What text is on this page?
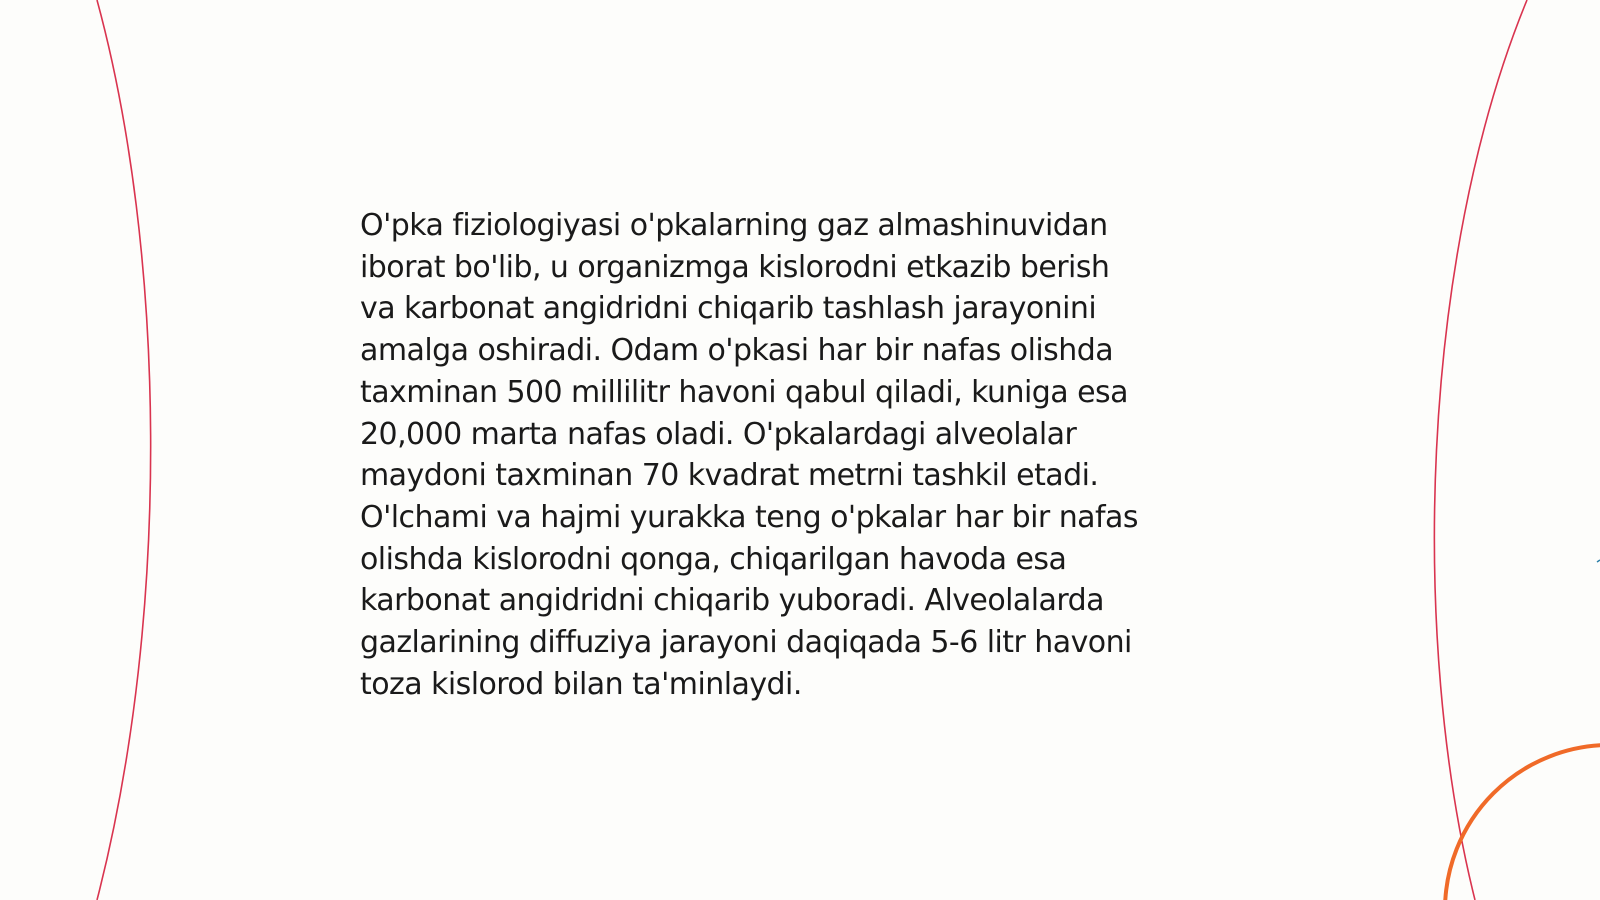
O'pka fiziologiyasi o'pkalarning gaz almashinuvidan
iborat bo'lib, u organizmga kislorodni etkazib berish
va karbonat angidridni chiqarib tashlash jarayonini
amalga oshiradi. Odam o'pkasi har bir nafas olishda
taxminan 500 millilitr havoni qabul qiladi, kuniga esa
20,000 marta nafas oladi. O'pkalardagi alveolalar
maydoni taxminan 70 kvadrat metrni tashkil etadi.
O'lchami va hajmi yurakka teng o'pkalar har bir nafas
olishda kislorodni qonga, chiqarilgan havoda esa
karbonat angidridni chiqarib yuboradi. Alveolalarda
gazlarining diffuziya jarayoni daqiqada 5-6 litr havoni
toza kislorod bilan ta'minlaydi.
